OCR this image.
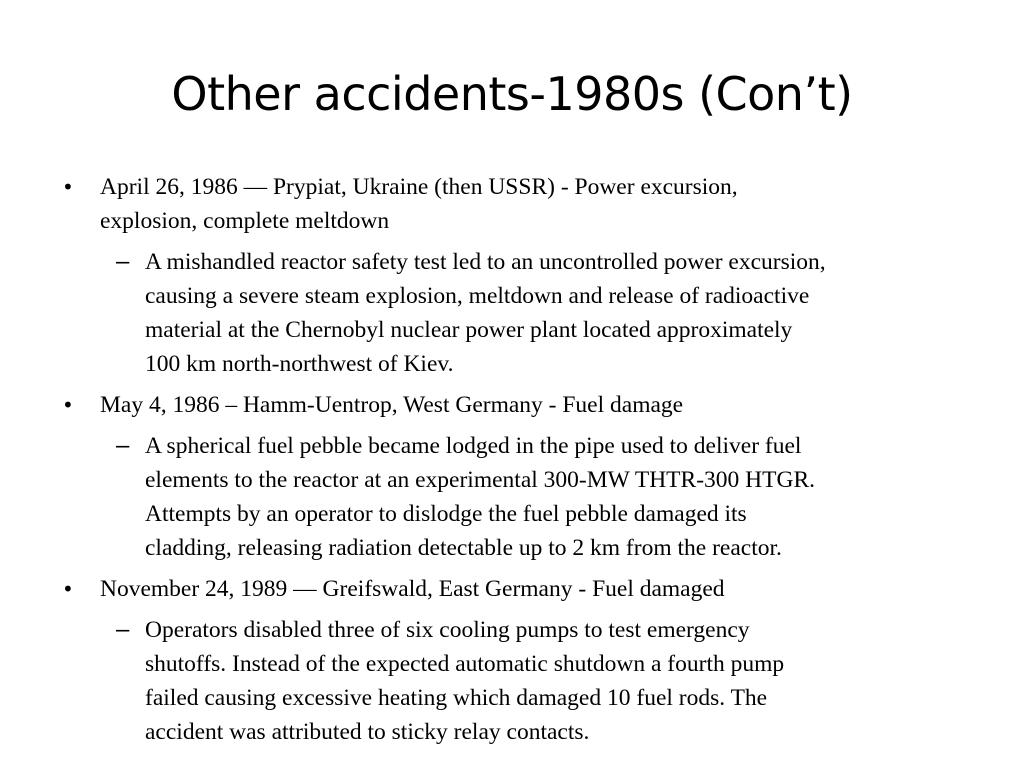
Other accidents-1980s (Con’t)
• April 26, 1986 — Prypiat, Ukraine (then USSR) - Power excursion,
explosion, complete meltdown
– A mishandled reactor safety test led to an uncontrolled power excursion,
causing a severe steam explosion, meltdown and release of radioactive
material at the Chernobyl nuclear power plant located approximately
100 km north-northwest of Kiev.
• May 4, 1986 – Hamm-Uentrop, West Germany - Fuel damage
– A spherical fuel pebble became lodged in the pipe used to deliver fuel
elements to the reactor at an experimental 300-MW THTR-300 HTGR.
Attempts by an operator to dislodge the fuel pebble damaged its
cladding, releasing radiation detectable up to 2 km from the reactor.
• November 24, 1989 — Greifswald, East Germany - Fuel damaged
– Operators disabled three of six cooling pumps to test emergency
shutoffs. Instead of the expected automatic shutdown a fourth pump
failed causing excessive heating which damaged 10 fuel rods. The
accident was attributed to sticky relay contacts.
